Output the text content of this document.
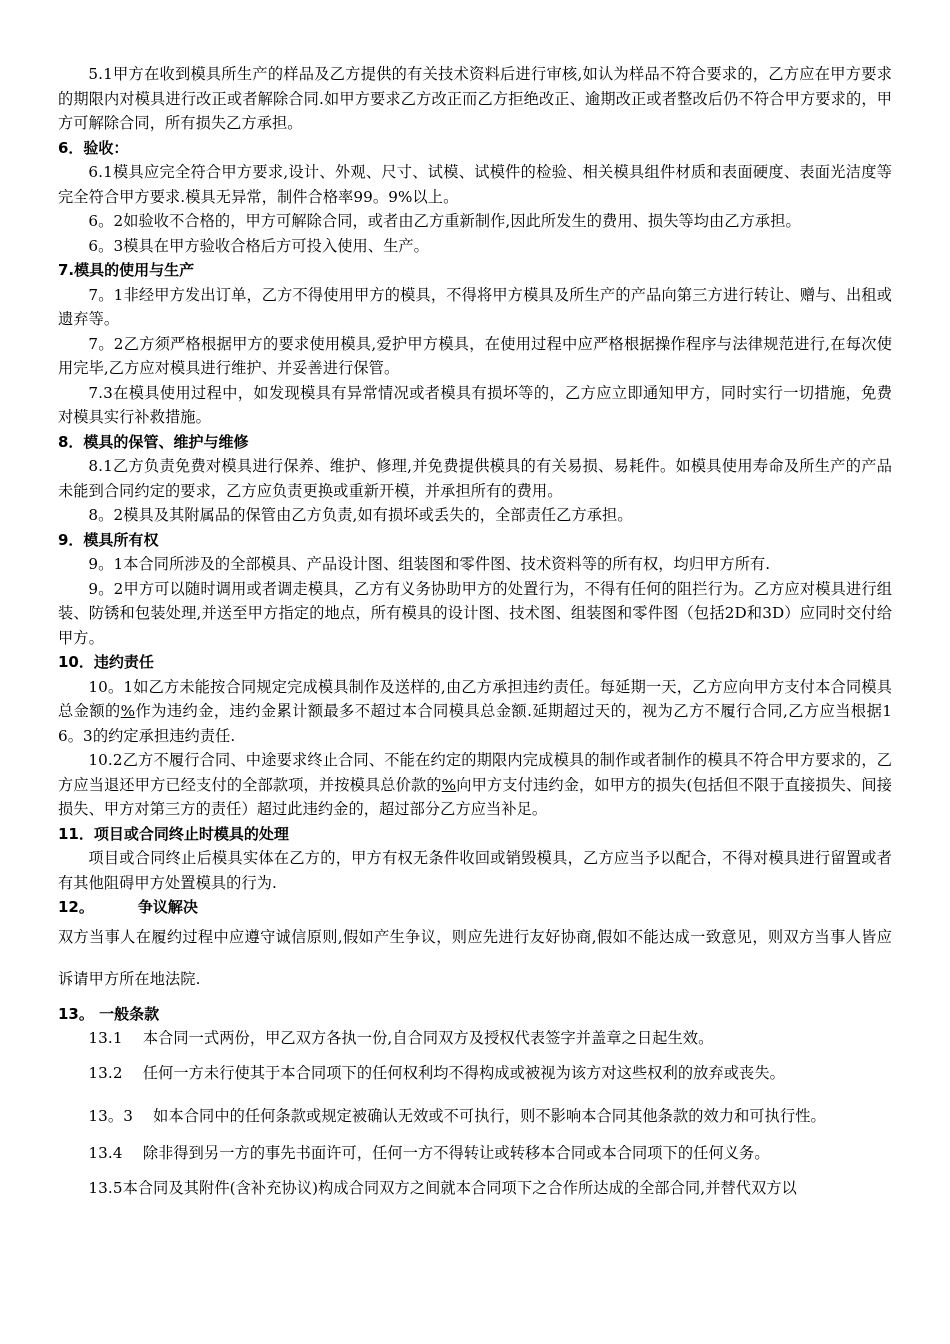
5.1甲方在收到模具所生产的样品及乙方提供的有关技术资料后进行审核,如认为样品不符合要求的，乙方应在甲方要求的期限内对模具进行改正或者解除合同.如甲方要求乙方改正而乙方拒绝改正、逾期改正或者整改后仍不符合甲方要求的，甲方可解除合同，所有损失乙方承担。

6．验收：

6.1模具应完全符合甲方要求,设计、外观、尺寸、试模、试模件的检验、相关模具组件材质和表面硬度、表面光洁度等完全符合甲方要求.模具无异常，制件合格率99。9%以上。

6。2如验收不合格的，甲方可解除合同，或者由乙方重新制作,因此所发生的费用、损失等均由乙方承担。

6。3模具在甲方验收合格后方可投入使用、生产。

7.模具的使用与生产

7。1非经甲方发出订单，乙方不得使用甲方的模具，不得将甲方模具及所生产的产品向第三方进行转让、赠与、出租或遗弃等。

7。2乙方须严格根据甲方的要求使用模具,爱护甲方模具，在使用过程中应严格根据操作程序与法律规范进行,在每次使用完毕,乙方应对模具进行维护、并妥善进行保管。

7.3在模具使用过程中，如发现模具有异常情况或者模具有损坏等的，乙方应立即通知甲方，同时实行一切措施，免费对模具实行补救措施。

8．模具的保管、维护与维修

8.1乙方负责免费对模具进行保养、维护、修理,并免费提供模具的有关易损、易耗件。如模具使用寿命及所生产的产品未能到合同约定的要求，乙方应负责更换或重新开模，并承担所有的费用。

8。2模具及其附属品的保管由乙方负责,如有损坏或丢失的，全部责任乙方承担。

9．模具所有权

9。1本合同所涉及的全部模具、产品设计图、组装图和零件图、技术资料等的所有权，均归甲方所有.

9。2甲方可以随时调用或者调走模具，乙方有义务协助甲方的处置行为，不得有任何的阻拦行为。乙方应对模具进行组装、防锈和包装处理,并送至甲方指定的地点，所有模具的设计图、技术图、组装图和零件图（包括2D和3D）应同时交付给甲方。

10．违约责任

10。1如乙方未能按合同规定完成模具制作及送样的,由乙方承担违约责任。每延期一天，乙方应向甲方支付本合同模具总金额的%作为违约金，违约金累计额最多不超过本合同模具总金额.延期超过天的，视为乙方不履行合同,乙方应当根据16。3的约定承担违约责任.

10.2乙方不履行合同、中途要求终止合同、不能在约定的期限内完成模具的制作或者制作的模具不符合甲方要求的，乙方应当退还甲方已经支付的全部款项，并按模具总价款的%向甲方支付违约金，如甲方的损失(包括但不限于直接损失、间接损失、甲方对第三方的责任）超过此违约金的，超过部分乙方应当补足。

11．项目或合同终止时模具的处理

项目或合同终止后模具实体在乙方的，甲方有权无条件收回或销毁模具，乙方应当予以配合，不得对模具进行留置或者有其他阻碍甲方处置模具的行为.

12。	争议解决

双方当事人在履约过程中应遵守诚信原则,假如产生争议，则应先进行友好协商,假如不能达成一致意见，则双方当事人皆应诉请甲方所在地法院.

13。 一般条款

13.1　 本合同一式两份，甲乙双方各执一份,自合同双方及授权代表签字并盖章之日起生效。

13.2　 任何一方未行使其于本合同项下的任何权利均不得构成或被视为该方对这些权利的放弃或丧失。

13。3　 如本合同中的任何条款或规定被确认无效或不可执行，则不影响本合同其他条款的效力和可执行性。

13.4　 除非得到另一方的事先书面许可，任何一方不得转让或转移本合同或本合同项下的任何义务。

13.5本合同及其附件(含补充协议)构成合同双方之间就本合同项下之合作所达成的全部合同,并替代双方以
